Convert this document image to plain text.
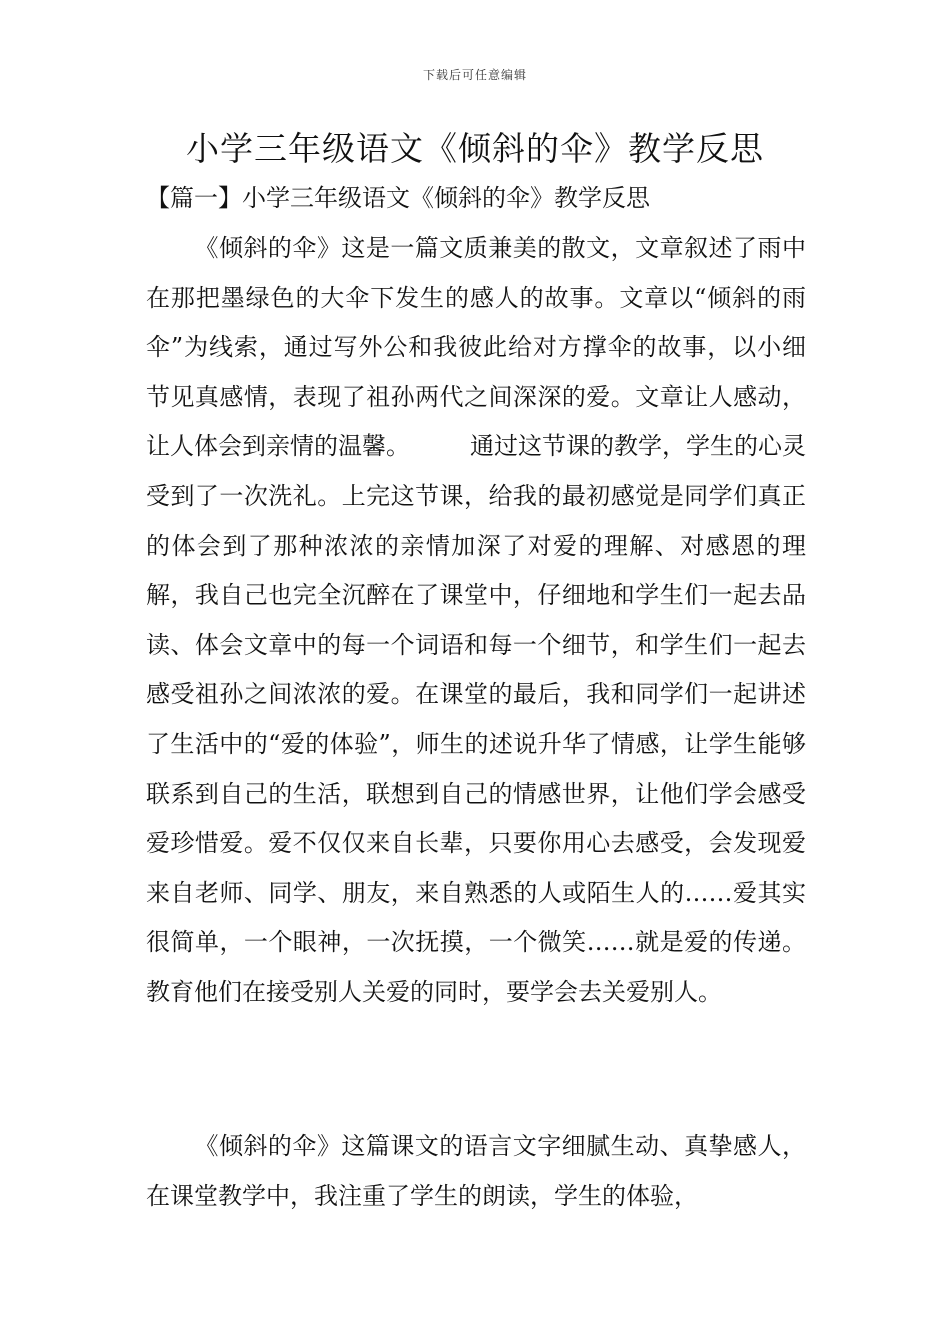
下载后可任意编辑
小学三年级语文《倾斜的伞》教学反思
【篇一】小学三年级语文《倾斜的伞》教学反思

《倾斜的伞》这是一篇文质兼美的散文，文章叙述了雨中在那把墨绿色的大伞下发生的感人的故事。文章以“倾斜的雨伞”为线索，通过写外公和我彼此给对方撑伞的故事，以小细节见真感情，表现了祖孙两代之间深深的爱。文章让人感动，让人体会到亲情的温馨。	通过这节课的教学，学生的心灵受到了一次洗礼。上完这节课，给我的最初感觉是同学们真正的体会到了那种浓浓的亲情加深了对爱的理解、对感恩的理解，我自己也完全沉醉在了课堂中，仔细地和学生们一起去品读、体会文章中的每一个词语和每一个细节，和学生们一起去感受祖孙之间浓浓的爱。在课堂的最后，我和同学们一起讲述了生活中的“爱的体验”，师生的述说升华了情感，让学生能够联系到自己的生活，联想到自己的情感世界，让他们学会感受爱珍惜爱。爱不仅仅来自长辈，只要你用心去感受，会发现爱来自老师、同学、朋友，来自熟悉的人或陌生人的……爱其实很简单，一个眼神，一次抚摸，一个微笑……就是爱的传递。教育他们在接受别人关爱的同时，要学会去关爱别人。

《倾斜的伞》这篇课文的语言文字细腻生动、真挚感人，在课堂教学中，我注重了学生的朗读，学生的体验，
